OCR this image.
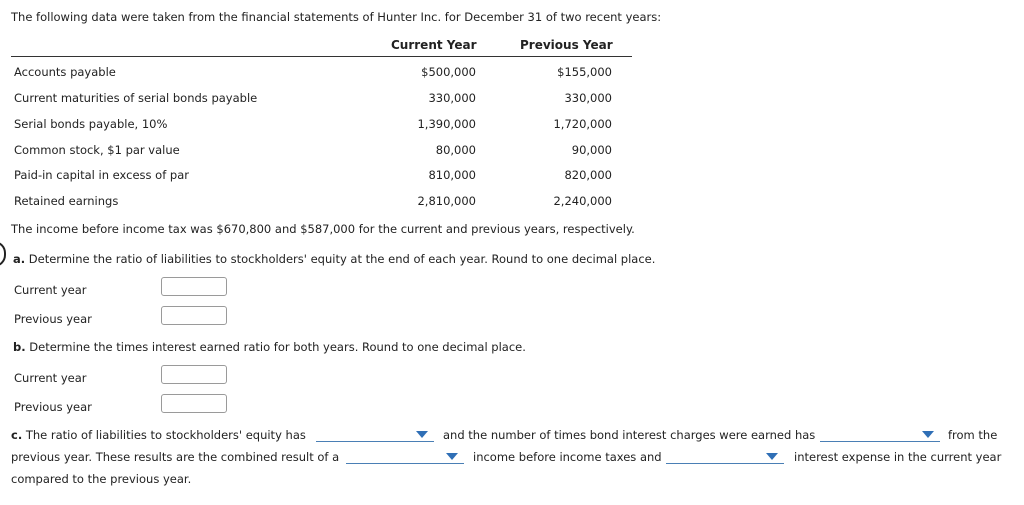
The following data were taken from the financial statements of Hunter Inc. for December 31 of two recent years:
Current Year	Previous Year
Accounts payable	$500,000	$155,000
Current maturities of serial bonds payable	330,000	330,000
Serial bonds payable, 10%	1,390,000	1,720,000
Common stock, $1 par value	80,000	90,000
Paid-in capital in excess of par	810,000	820,000
Retained earnings	2,810,000	2,240,000
The income before income tax was $670,800 and $587,000 for the current and previous years, respectively.
a. Determine the ratio of liabilities to stockholders' equity at the end of each year. Round to one decimal place.
Current year
Previous year
b. Determine the times interest earned ratio for both years. Round to one decimal place.
Current year
Previous year
c. The ratio of liabilities to stockholders' equity has	and the number of times bond interest charges were earned has	from the
previous year. These results are the combined result of a	income before income taxes and	interest expense in the current year
compared to the previous year.
